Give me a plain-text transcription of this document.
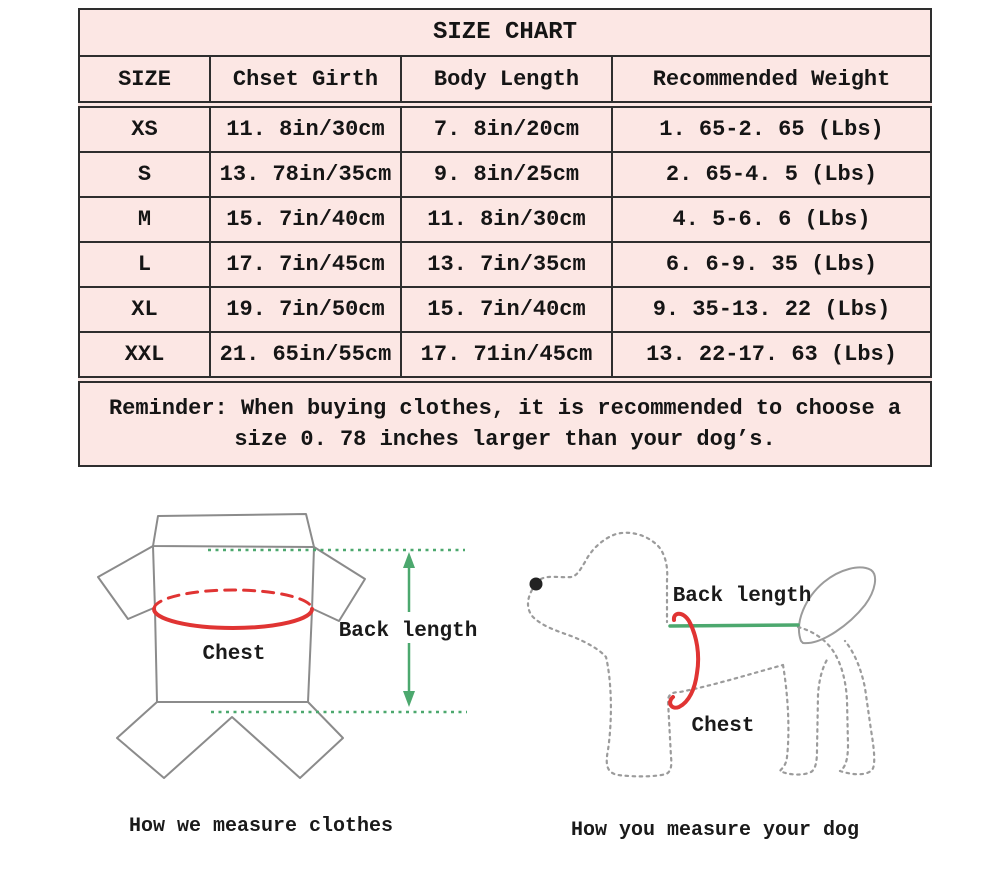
SIZE CHART			
SIZE	Chset Girth	Body Length	Recommended Weight
XS	11. 8in/30cm	7. 8in/20cm	1. 65-2. 65 (Lbs)
S	13. 78in/35cm	9. 8in/25cm	2. 65-4. 5 (Lbs)
M	15. 7in/40cm	11. 8in/30cm	4. 5-6. 6 (Lbs)
L	17. 7in/45cm	13. 7in/35cm	6. 6-9. 35 (Lbs)
XL	19. 7in/50cm	15. 7in/40cm	9. 35-13. 22 (Lbs)
XXL	21. 65in/55cm	17. 71in/45cm	13. 22-17. 63 (Lbs)

Reminder: When buying clothes, it is recommended to choose a
size 0. 78 inches larger than your dog’s.			
Back length
Chest
How we measure clothes
Back length
Chest
How you measure your dog
